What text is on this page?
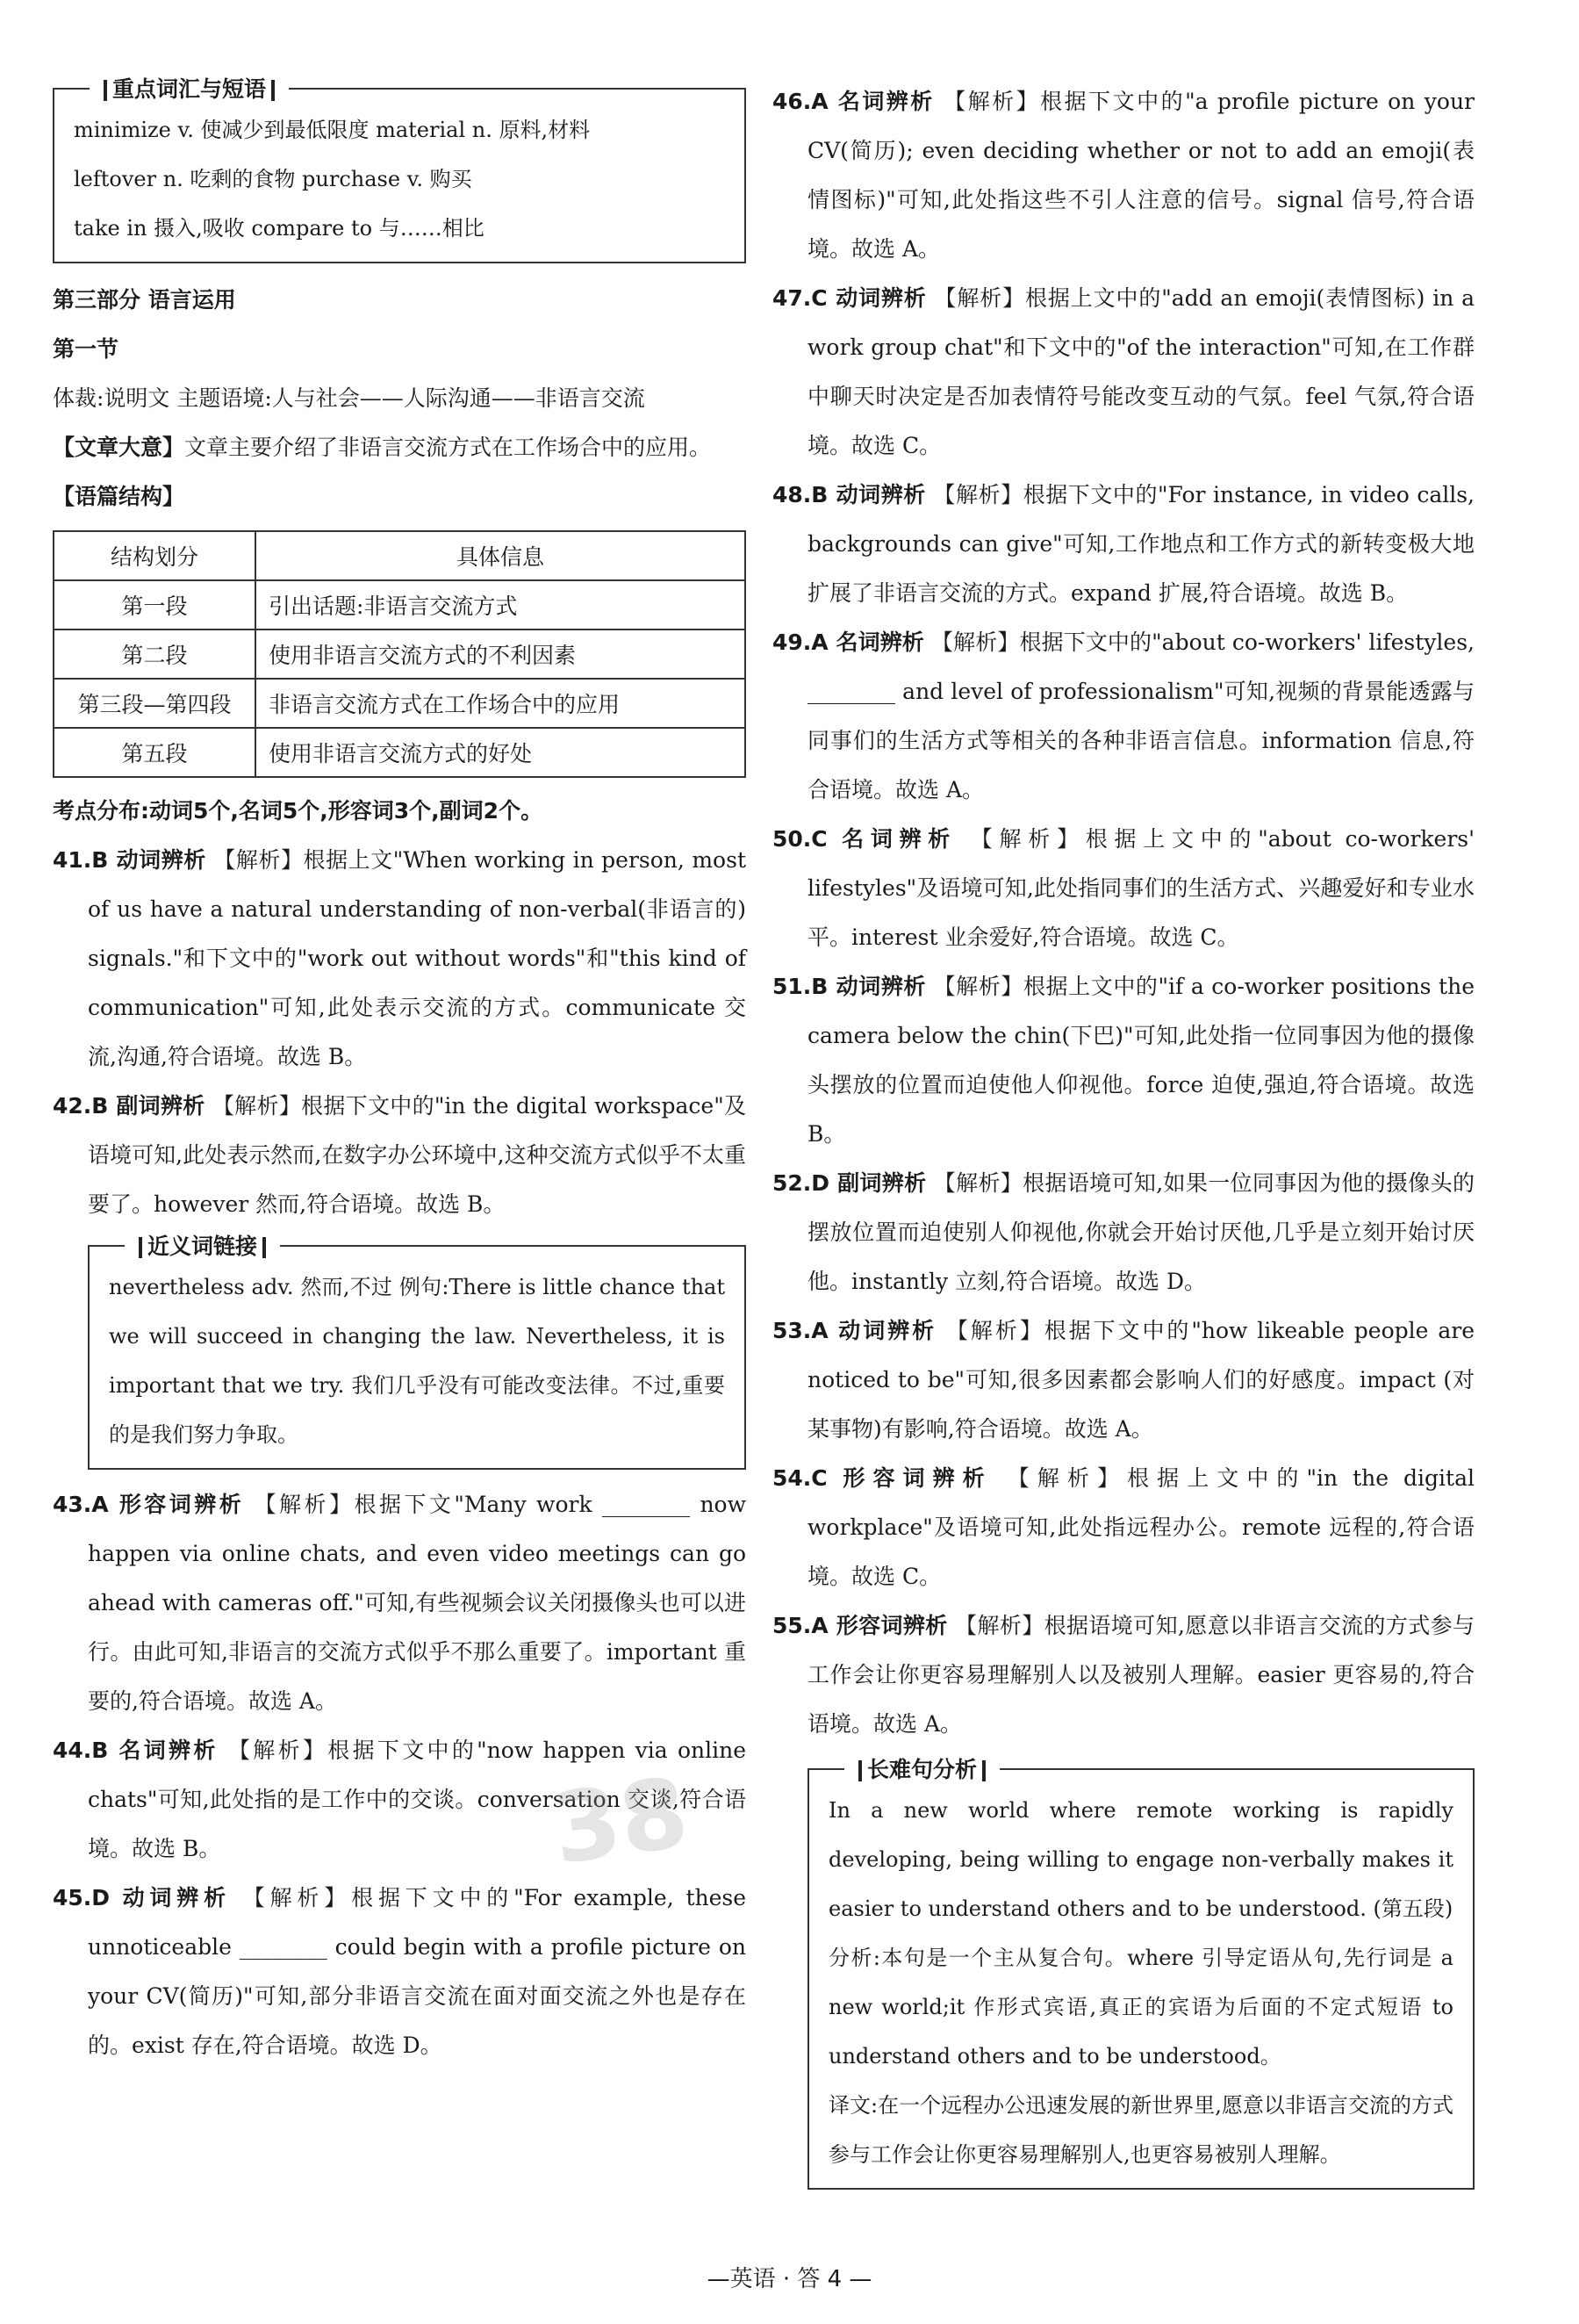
重点词汇与短语

minimize v. 使减少到最低限度 material n. 原料,材料

leftover n. 吃剩的食物 purchase v. 购买

take in 摄入,吸收 compare to 与……相比

第三部分 语言运用

第一节

体裁:说明文 主题语境:人与社会——人际沟通——非语言交流

【文章大意】文章主要介绍了非语言交流方式在工作场合中的应用。

【语篇结构】

结构划分	具体信息
第一段	引出话题:非语言交流方式
第二段	使用非语言交流方式的不利因素
第三段—第四段	非语言交流方式在工作场合中的应用
第五段	使用非语言交流方式的好处

考点分布:动词5个,名词5个,形容词3个,副词2个。

41.B 动词辨析 【解析】根据上文"When working in person, most of us have a natural understanding of non-verbal(非语言的) signals."和下文中的"work out without words"和"this kind of communication"可知,此处表示交流的方式。communicate 交流,沟通,符合语境。故选 B。

42.B 副词辨析 【解析】根据下文中的"in the digital workspace"及语境可知,此处表示然而,在数字办公环境中,这种交流方式似乎不太重要了。however 然而,符合语境。故选 B。

近义词链接

nevertheless adv. 然而,不过 例句:There is little chance that we will succeed in changing the law. Nevertheless, it is important that we try. 我们几乎没有可能改变法律。不过,重要的是我们努力争取。

43.A 形容词辨析 【解析】根据下文"Many work ________ now happen via online chats, and even video meetings can go ahead with cameras off."可知,有些视频会议关闭摄像头也可以进行。由此可知,非语言的交流方式似乎不那么重要了。important 重要的,符合语境。故选 A。

44.B 名词辨析 【解析】根据下文中的"now happen via online chats"可知,此处指的是工作中的交谈。conversation 交谈,符合语境。故选 B。

45.D 动词辨析 【解析】根据下文中的"For example, these unnoticeable ________ could begin with a profile picture on your CV(简历)"可知,部分非语言交流在面对面交流之外也是存在的。exist 存在,符合语境。故选 D。

46.A 名词辨析 【解析】根据下文中的"a profile picture on your CV(简历); even deciding whether or not to add an emoji(表情图标)"可知,此处指这些不引人注意的信号。signal 信号,符合语境。故选 A。

47.C 动词辨析 【解析】根据上文中的"add an emoji(表情图标) in a work group chat"和下文中的"of the interaction"可知,在工作群中聊天时决定是否加表情符号能改变互动的气氛。feel 气氛,符合语境。故选 C。

48.B 动词辨析 【解析】根据下文中的"For instance, in video calls, backgrounds can give"可知,工作地点和工作方式的新转变极大地扩展了非语言交流的方式。expand 扩展,符合语境。故选 B。

49.A 名词辨析 【解析】根据下文中的"about co-workers' lifestyles, ________ and level of professionalism"可知,视频的背景能透露与同事们的生活方式等相关的各种非语言信息。information 信息,符合语境。故选 A。

50.C 名词辨析 【解析】根据上文中的"about co-workers' lifestyles"及语境可知,此处指同事们的生活方式、兴趣爱好和专业水平。interest 业余爱好,符合语境。故选 C。

51.B 动词辨析 【解析】根据上文中的"if a co-worker positions the camera below the chin(下巴)"可知,此处指一位同事因为他的摄像头摆放的位置而迫使他人仰视他。force 迫使,强迫,符合语境。故选 B。

52.D 副词辨析 【解析】根据语境可知,如果一位同事因为他的摄像头的摆放位置而迫使别人仰视他,你就会开始讨厌他,几乎是立刻开始讨厌他。instantly 立刻,符合语境。故选 D。

53.A 动词辨析 【解析】根据下文中的"how likeable people are noticed to be"可知,很多因素都会影响人们的好感度。impact (对某事物)有影响,符合语境。故选 A。

54.C 形容词辨析 【解析】根据上文中的"in the digital workplace"及语境可知,此处指远程办公。remote 远程的,符合语境。故选 C。

55.A 形容词辨析 【解析】根据语境可知,愿意以非语言交流的方式参与工作会让你更容易理解别人以及被别人理解。easier 更容易的,符合语境。故选 A。

长难句分析

In a new world where remote working is rapidly developing, being willing to engage non-verbally makes it easier to understand others and to be understood. (第五段)

分析:本句是一个主从复合句。where 引导定语从句,先行词是 a new world;it 作形式宾语,真正的宾语为后面的不定式短语 to understand others and to be understood。

译文:在一个远程办公迅速发展的新世界里,愿意以非语言交流的方式参与工作会让你更容易理解别人,也更容易被别人理解。

38
—英语 · 答 4 —
